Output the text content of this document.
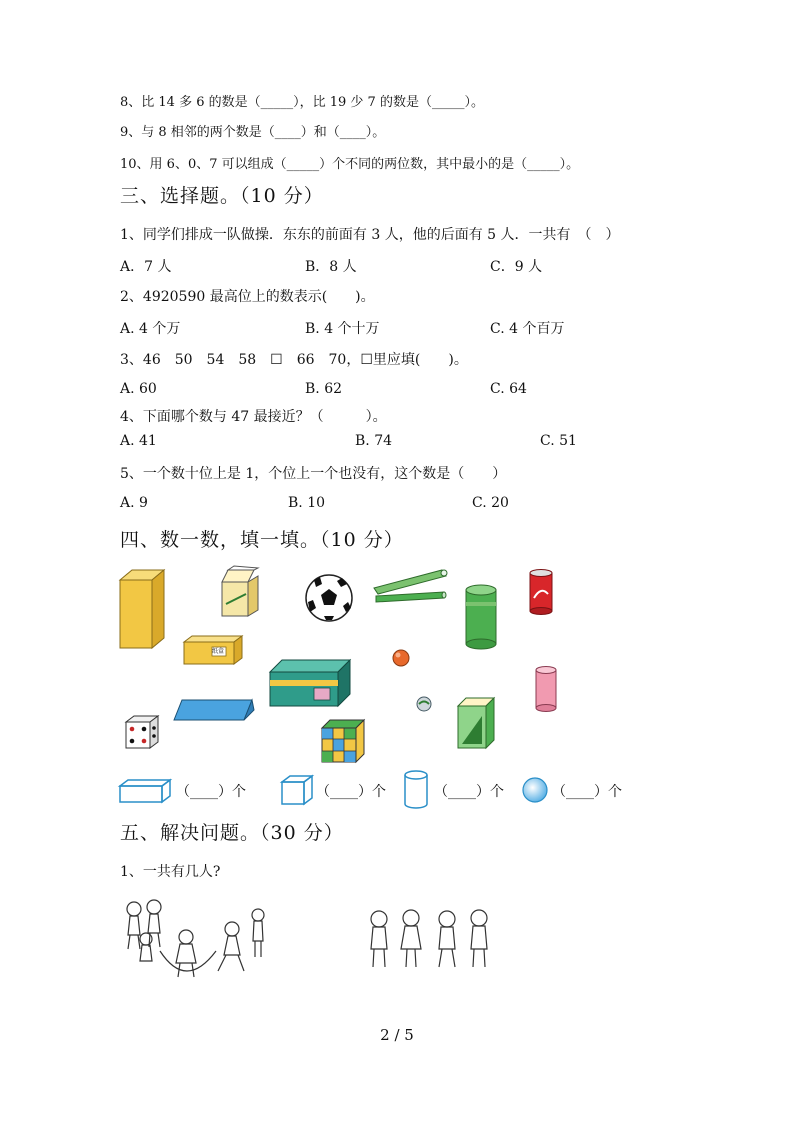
8、比 14 多 6 的数是（_____），比 19 少 7 的数是（_____）。
9、与 8 相邻的两个数是（____）和（____）。
10、用 6、0、7 可以组成（_____）个不同的两位数，其中最小的是（_____）。
三、选择题。（10 分）
1、同学们排成一队做操．东东的前面有 3 人，他的后面有 5 人．一共有　（　）
A．7 人	B．8 人	C．9 人
2、4920590 最高位上的数表示(　　)。
A. 4 个万	B. 4 个十万	C. 4 个百万
3、46　50　54　58　☐　66　70，☐里应填(　　)。
A. 60	B. 62	C. 64
4、下面哪个数与 47 最接近？（　　　）。
A. 41	B. 74	C. 51
5、一个数十位上是 1，个位上一个也没有，这个数是（　　）
A. 9	B. 10	C. 20
四、数一数，填一填。（10 分）
纸盒
（____）个	（____）个	（____）个	（____）个
五、解决问题。（30 分）
1、一共有几人?
2 / 5
